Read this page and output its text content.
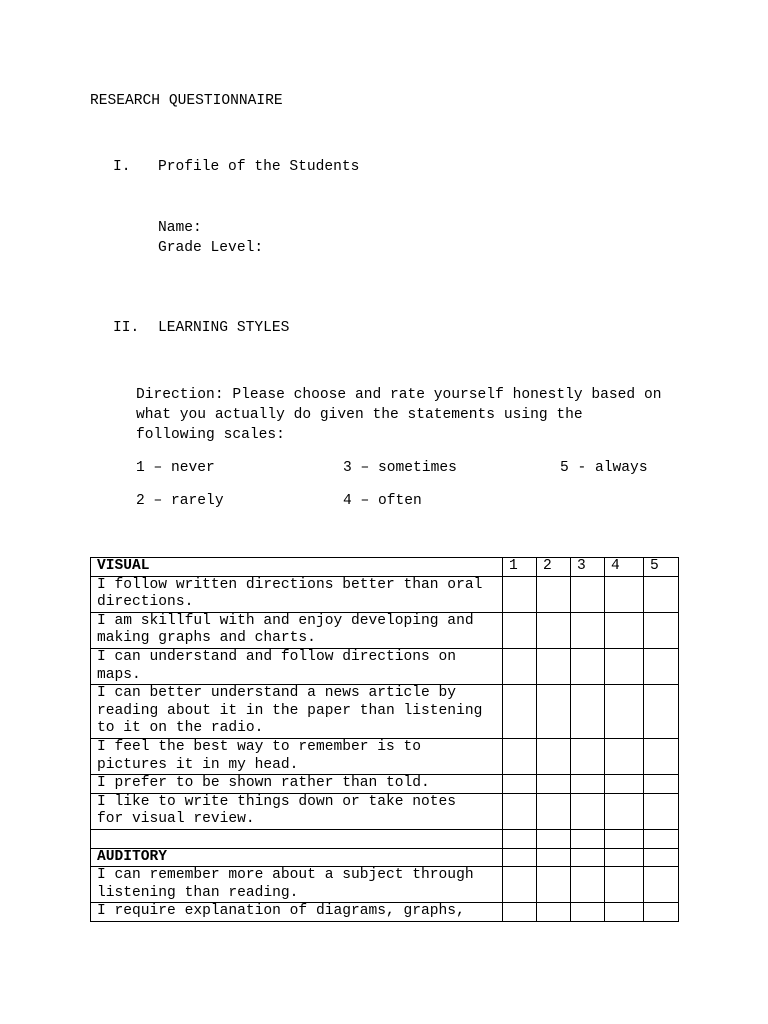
RESEARCH QUESTIONNAIRE
I. Profile of the Students
Name:
Grade Level:
II. LEARNING STYLES
Direction: Please choose and rate yourself honestly based on
what you actually do given the statements using the
following scales:
1 – never	3 – sometimes	5 - always
2 – rarely	4 – often
VISUAL	1	2	3	4	5

I follow written directions better than oral
directions.					

I am skillful with and enjoy developing and
making graphs and charts.					

I can understand and follow directions on
maps.					

I can better understand a news article by
reading about it in the paper than listening
to it on the radio.					

I feel the best way to remember is to
pictures it in my head.					

I prefer to be shown rather than told.					

I like to write things down or take notes
for visual review.					

AUDITORY					

I can remember more about a subject through
listening than reading.					

I require explanation of diagrams, graphs,					
